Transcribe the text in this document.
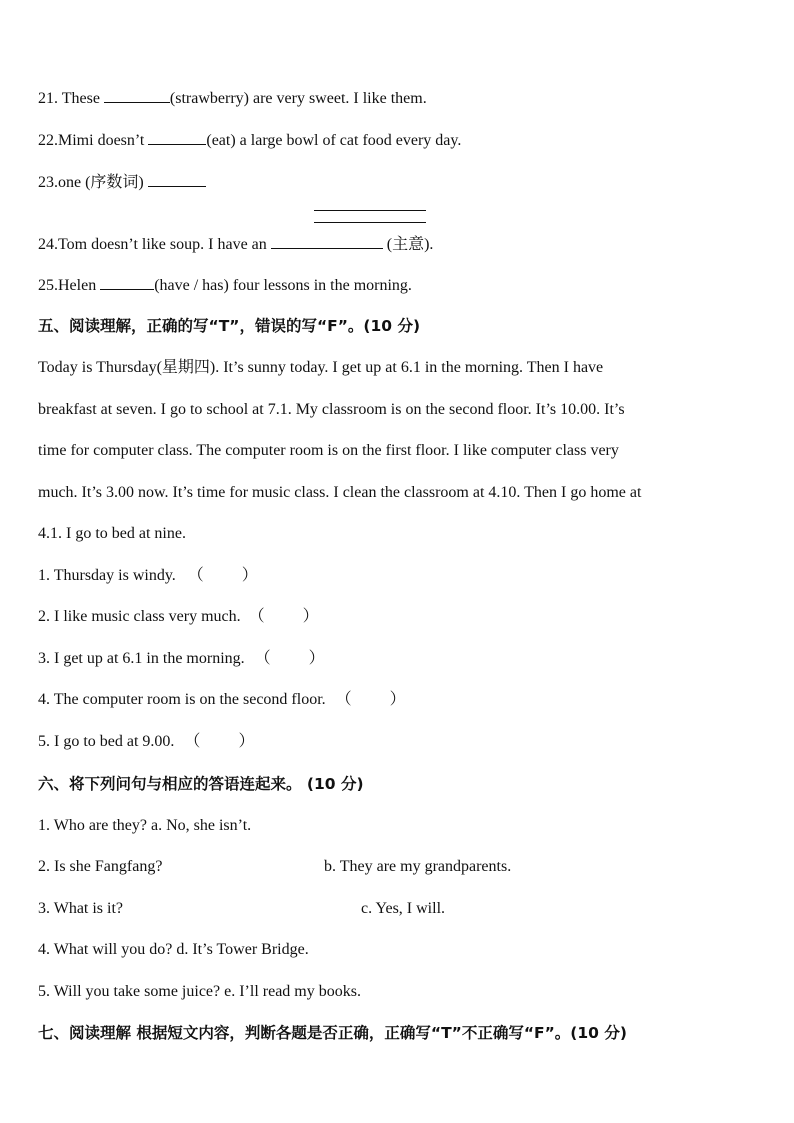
21. These	(strawberry) are very sweet. I like them.
22.Mimi doesn’t	(eat) a large bowl of cat food every day.
23.one (序数词)
24.Tom doesn’t like soup. I have an	(主意).
25.Helen	(have / has) four lessons in the morning.
五、阅读理解，正确的写“T”，错误的写“F”。(10 分)
Today is Thursday(星期四). It’s sunny today. I get up at 6.1 in the morning. Then I have
breakfast at seven. I go to school at 7.1. My classroom is on the second floor. It’s 10.00. It’s
time for computer class. The computer room is on the first floor. I like computer class very
much. It’s 3.00 now. It’s time for music class. I clean the classroom at 4.10. Then I go home at
4.1. I go to bed at nine.
1. Thursday is windy. （ ）
2. I like music class very much. （ ）
3. I get up at 6.1 in the morning. （ ）
4. The computer room is on the second floor. （ ）
5. I go to bed at 9.00. （ ）
六、将下列问句与相应的答语连起来。 (10 分)
1. Who are they? a. No, she isn’t.
2. Is she Fangfang?	b. They are my grandparents.
3. What is it?	c. Yes, I will.
4. What will you do? d. It’s Tower Bridge.
5. Will you take some juice? e. I’ll read my books.
七、阅读理解 根据短文内容，判断各题是否正确，正确写“T”不正确写“F”。(10 分)
